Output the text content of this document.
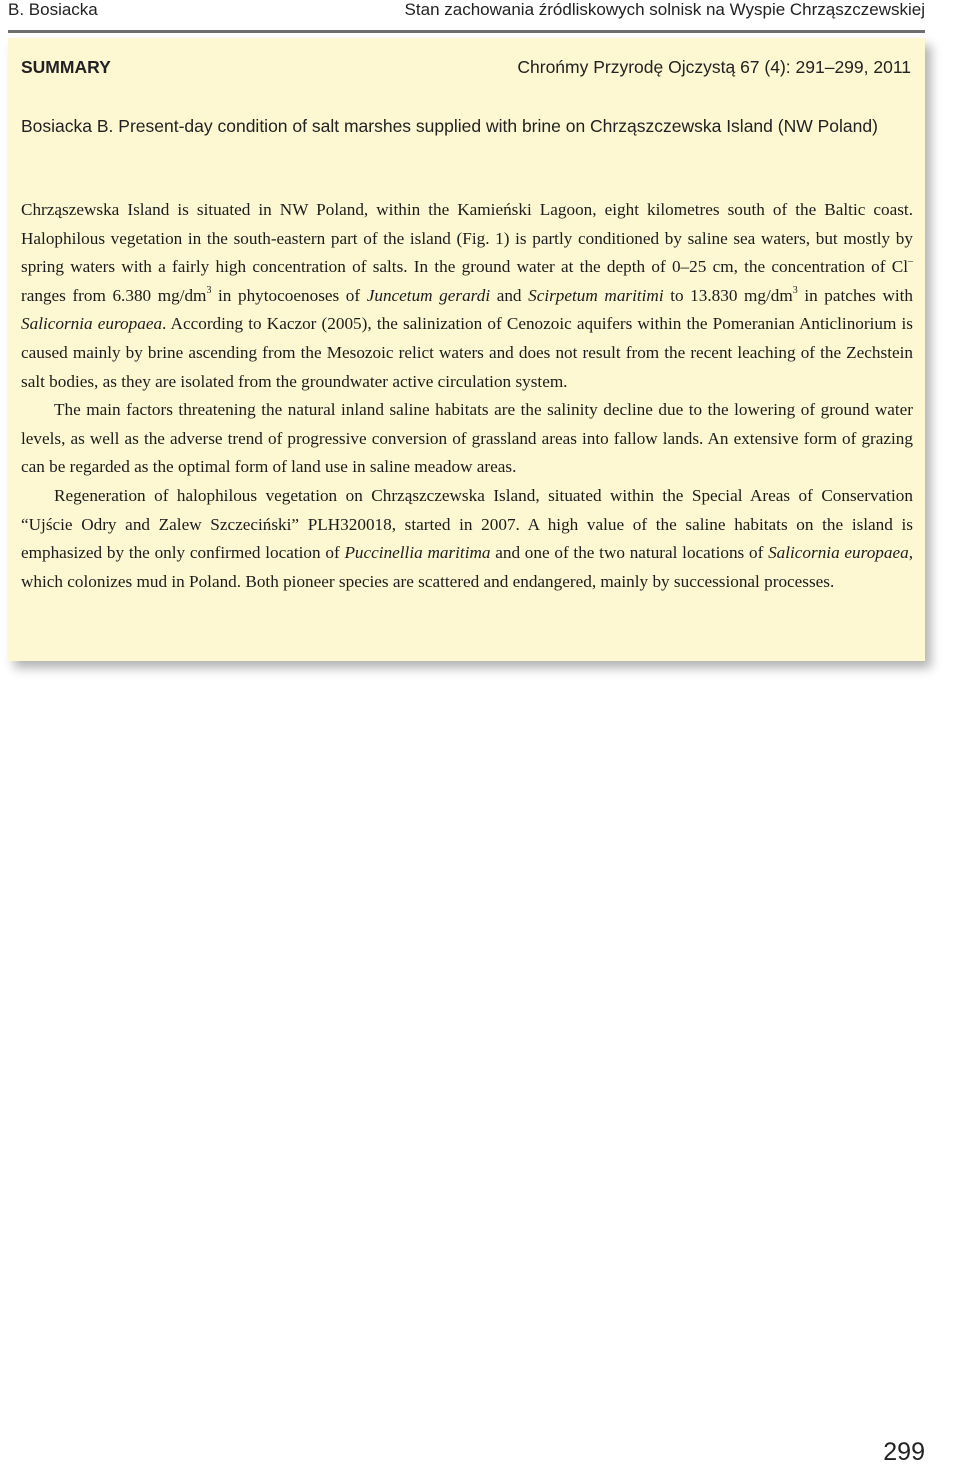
B. Bosiacka	Stan zachowania źródliskowych solnisk na Wyspie Chrząszczewskiej
SUMMARY	Chrońmy Przyrodę Ojczystą 67 (4): 291–299, 2011
Bosiacka B. Present-day condition of salt marshes supplied with brine on Chrząszczewska Island (NW Poland)

Chrząszewska Island is situated in NW Poland, within the Kamieński Lagoon, eight kilometres south of the Baltic coast. Halophilous vegetation in the south-eastern part of the island (Fig. 1) is partly conditioned by saline sea waters, but mostly by spring waters with a fairly high concentration of salts. In the ground water at the depth of 0–25 cm, the concentration of Cl– ranges from 6.380 $mg/dm^3$ in phytocoenoses of Juncetum gerardi and Scirpetum maritimi to 13.830 $mg/dm^3$ in patches with Salicornia europaea. According to Kaczor (2005), the salinization of Cenozoic aquifers within the Pomeranian Anticlinorium is caused mainly by brine ascending from the Mesozoic relict waters and does not result from the recent leaching of the Zechstein salt bodies, as they are isolated from the groundwater active circulation system.

The main factors threatening the natural inland saline habitats are the salinity decline due to the lowering of ground water levels, as well as the adverse trend of progressive conversion of grassland areas into fallow lands. An extensive form of grazing can be regarded as the optimal form of land use in saline meadow areas.

Regeneration of halophilous vegetation on Chrząszczewska Island, situated within the Special Areas of Conservation “Ujście Odry and Zalew Szczeciński” PLH320018, started in 2007. A high value of the saline habitats on the island is emphasized by the only confirmed location of Puccinellia maritima and one of the two natural locations of Salicornia europaea, which colonizes mud in Poland. Both pioneer species are scattered and endangered, mainly by successional processes.

299
